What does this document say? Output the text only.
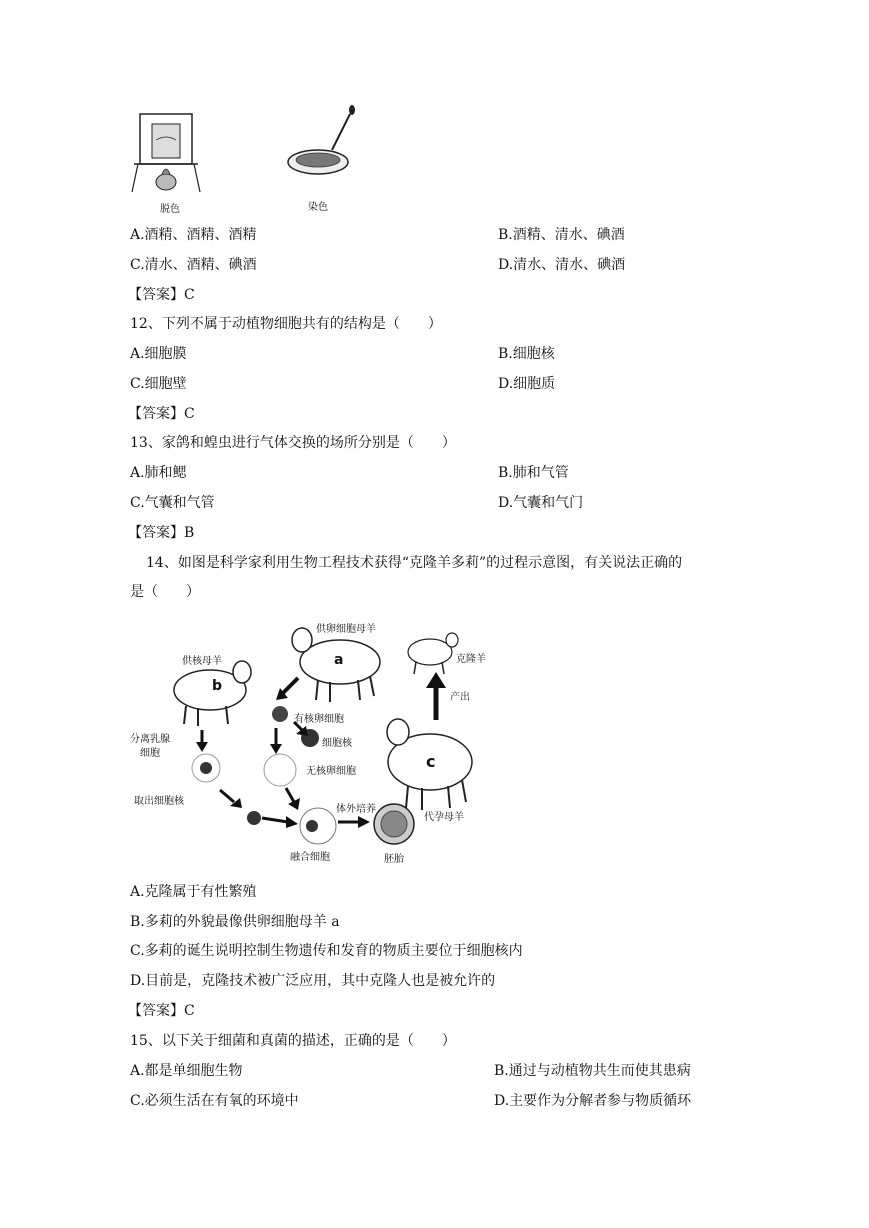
脱色	染色
A.酒精、酒精、酒精	B.酒精、清水、碘酒
C.清水、酒精、碘酒	D.清水、清水、碘酒
【答案】C
12、下列不属于动植物细胞共有的结构是（　　）
A.细胞膜	B.细胞核
C.细胞壁	D.细胞质
【答案】C
13、家鸽和蝗虫进行气体交换的场所分别是（　　）
A.肺和鳃	B.肺和气管
C.气囊和气管	D.气囊和气门
【答案】B
14、如图是科学家利用生物工程技术获得“克隆羊多莉”的过程示意图，有关说法正确的
是（　　）
供卵细胞母羊
a
供核母羊
b
克隆羊
产出
分离乳腺
细胞
有核卵细胞
细胞核
无核卵细胞
c
取出细胞核
体外培养
代孕母羊
融合细胞	胚胎
A.克隆属于有性繁殖
B.多莉的外貌最像供卵细胞母羊 a
C.多莉的诞生说明控制生物遗传和发育的物质主要位于细胞核内
D.目前是，克隆技术被广泛应用，其中克隆人也是被允许的
【答案】C
15、以下关于细菌和真菌的描述，正确的是（　　）
A.都是单细胞生物	B.通过与动植物共生而使其患病
C.必须生活在有氧的环境中	D.主要作为分解者参与物质循环
